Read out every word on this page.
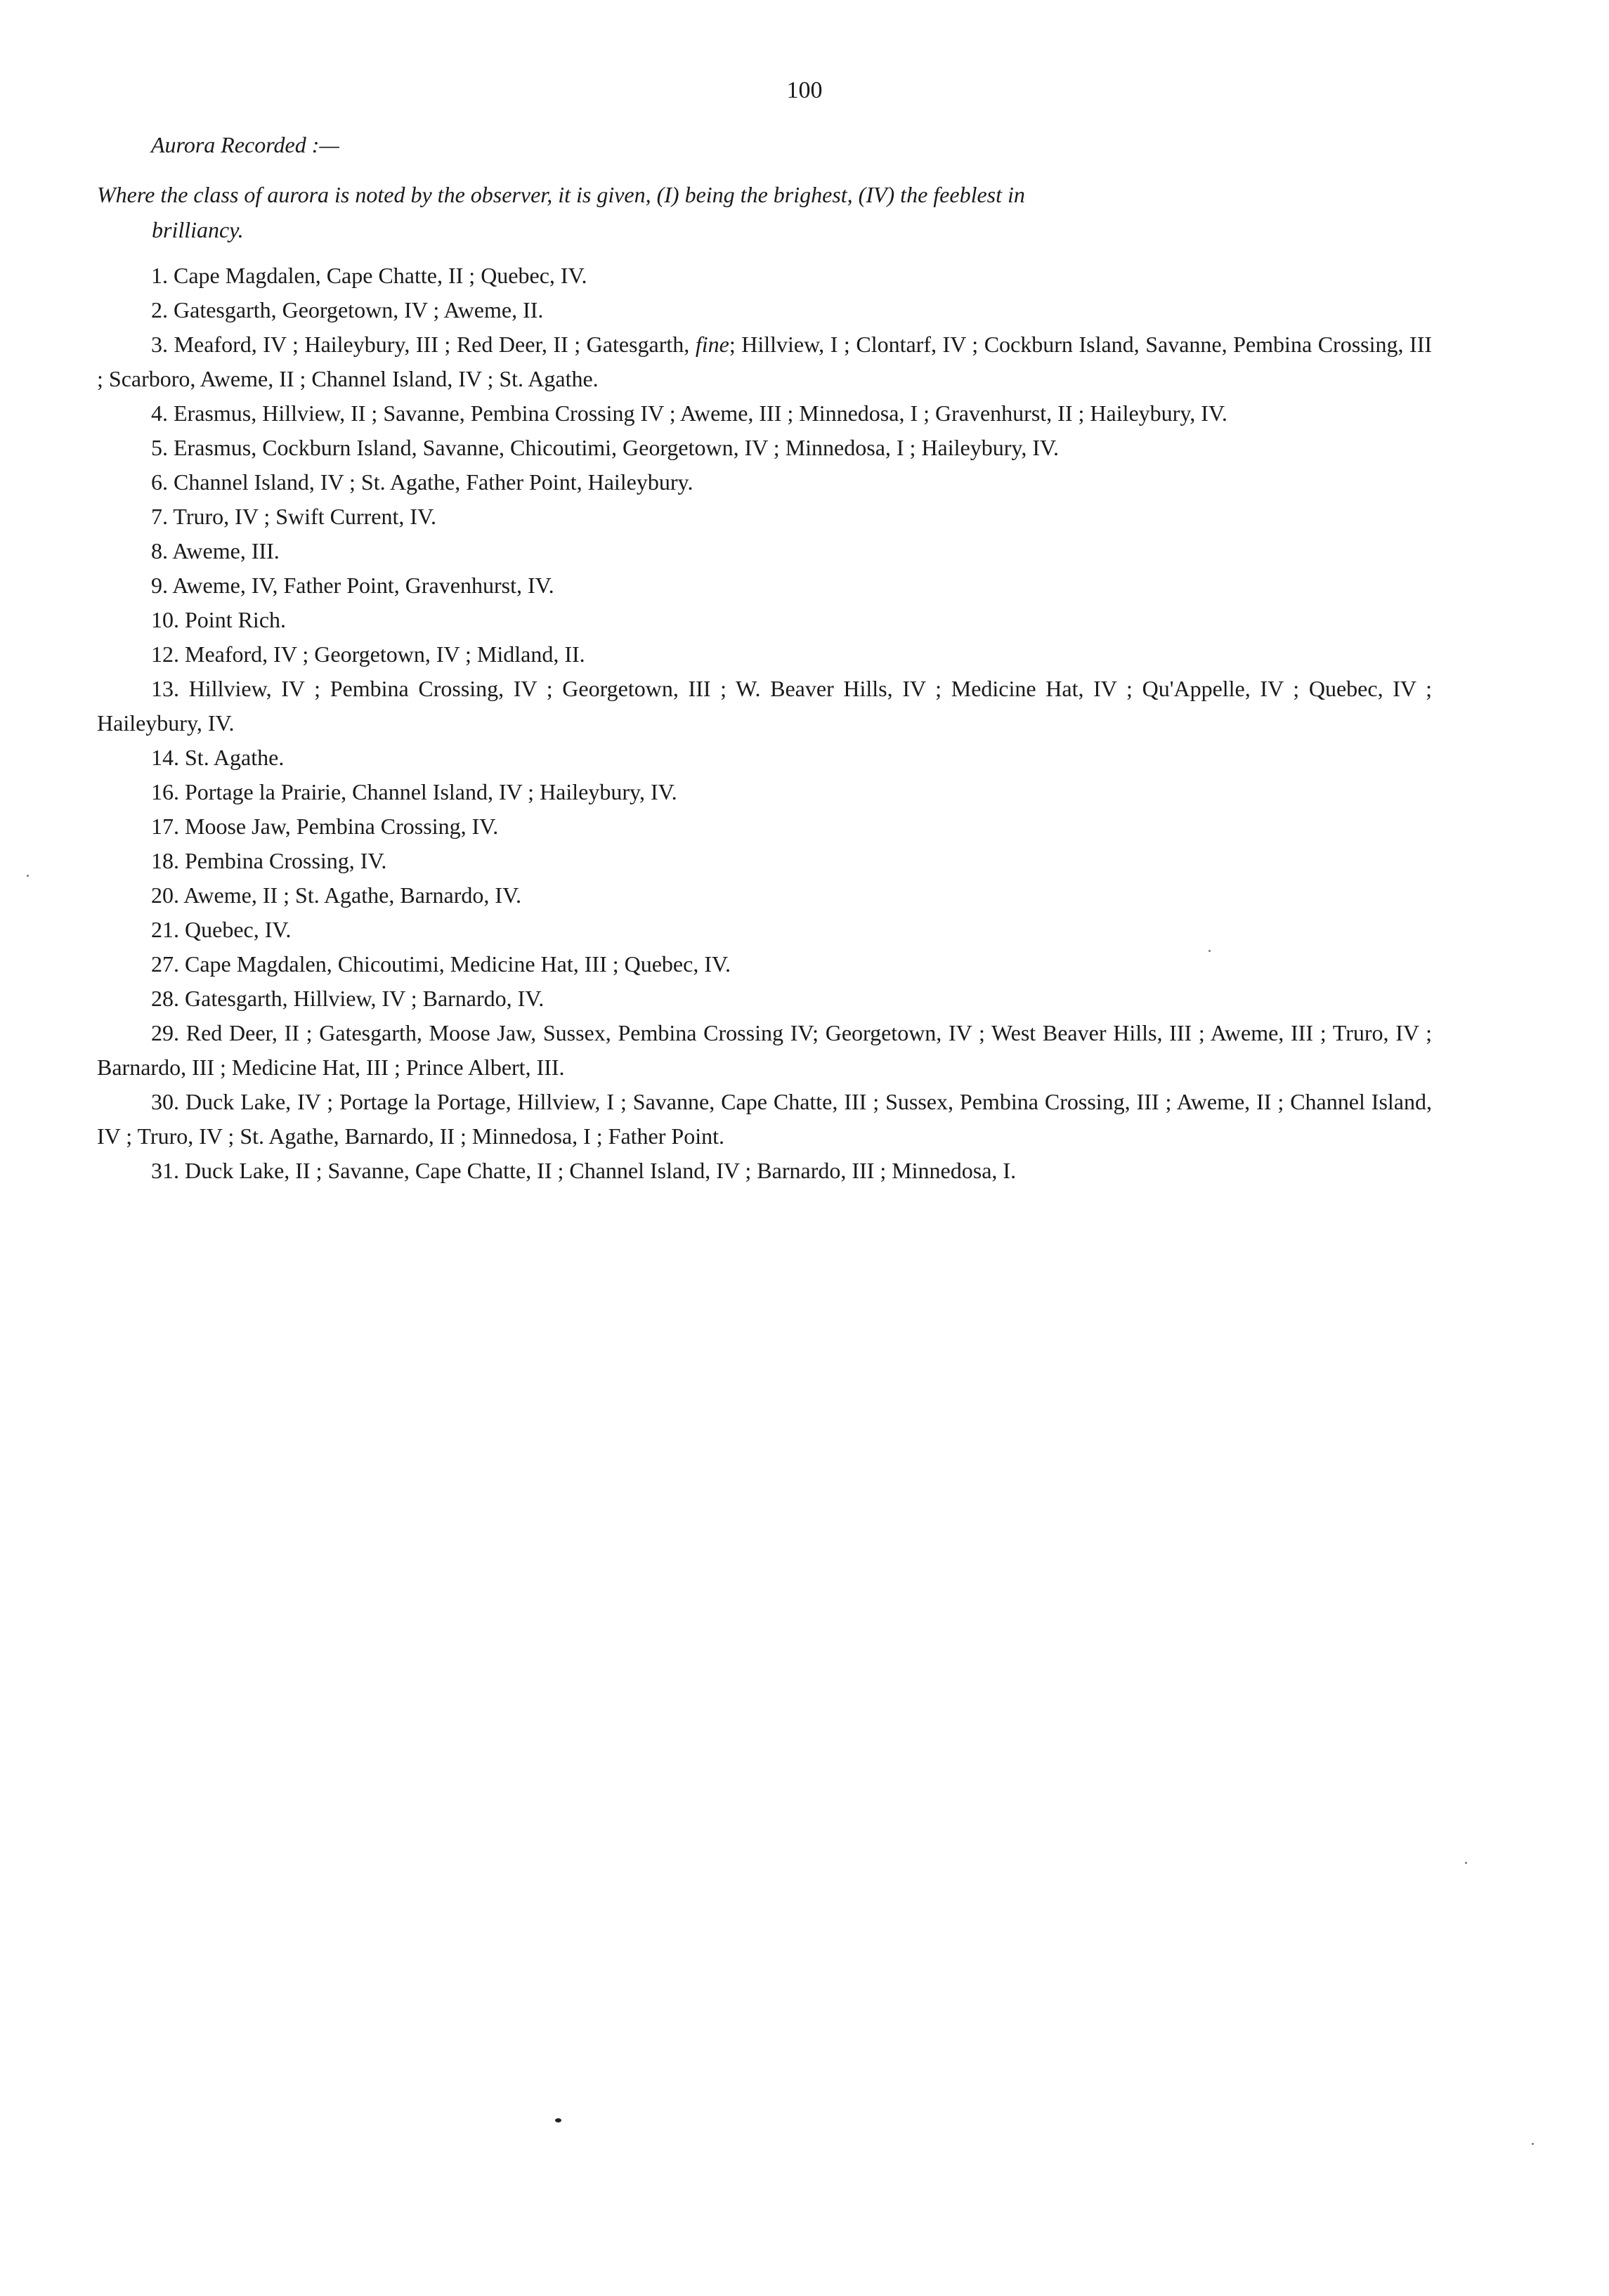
100
Aurora Recorded :—
Where the class of aurora is noted by the observer, it is given, (I) being the brighest, (IV) the feeblest in
brilliancy.
1. Cape Magdalen, Cape Chatte, II ; Quebec, IV.
2. Gatesgarth, Georgetown, IV ; Aweme, II.
3. Meaford, IV ; Haileybury, III ; Red Deer, II ; Gatesgarth, fine; Hillview, I ; Clontarf, IV ; Cockburn Island, Savanne, Pembina Crossing, III ; Scarboro, Aweme, II ; Channel Island, IV ; St. Agathe.
4. Erasmus, Hillview, II ; Savanne, Pembina Crossing IV ; Aweme, III ; Minnedosa, I ; Gravenhurst, II ; Haileybury, IV.
5. Erasmus, Cockburn Island, Savanne, Chicoutimi, Georgetown, IV ; Minnedosa, I ; Haileybury, IV.
6. Channel Island, IV ; St. Agathe, Father Point, Haileybury.
7. Truro, IV ; Swift Current, IV.
8. Aweme, III.
9. Aweme, IV, Father Point, Gravenhurst, IV.
10. Point Rich.
12. Meaford, IV ; Georgetown, IV ; Midland, II.
13. Hillview, IV ; Pembina Crossing, IV ; Georgetown, III ; W. Beaver Hills, IV ; Medicine Hat, IV ; Qu'Appelle, IV ; Quebec, IV ; Haileybury, IV.
14. St. Agathe.
16. Portage la Prairie, Channel Island, IV ; Haileybury, IV.
17. Moose Jaw, Pembina Crossing, IV.
18. Pembina Crossing, IV.
20. Aweme, II ; St. Agathe, Barnardo, IV.
21. Quebec, IV.
27. Cape Magdalen, Chicoutimi, Medicine Hat, III ; Quebec, IV.
28. Gatesgarth, Hillview, IV ; Barnardo, IV.
29. Red Deer, II ; Gatesgarth, Moose Jaw, Sussex, Pembina Crossing IV; Georgetown, IV ; West Beaver Hills, III ; Aweme, III ; Truro, IV ; Barnardo, III ; Medicine Hat, III ; Prince Albert, III.
30. Duck Lake, IV ; Portage la Portage, Hillview, I ; Savanne, Cape Chatte, III ; Sussex, Pembina Crossing, III ; Aweme, II ; Channel Island, IV ; Truro, IV ; St. Agathe, Barnardo, II ; Minnedosa, I ; Father Point.
31. Duck Lake, II ; Savanne, Cape Chatte, II ; Channel Island, IV ; Barnardo, III ; Minnedosa, I.
